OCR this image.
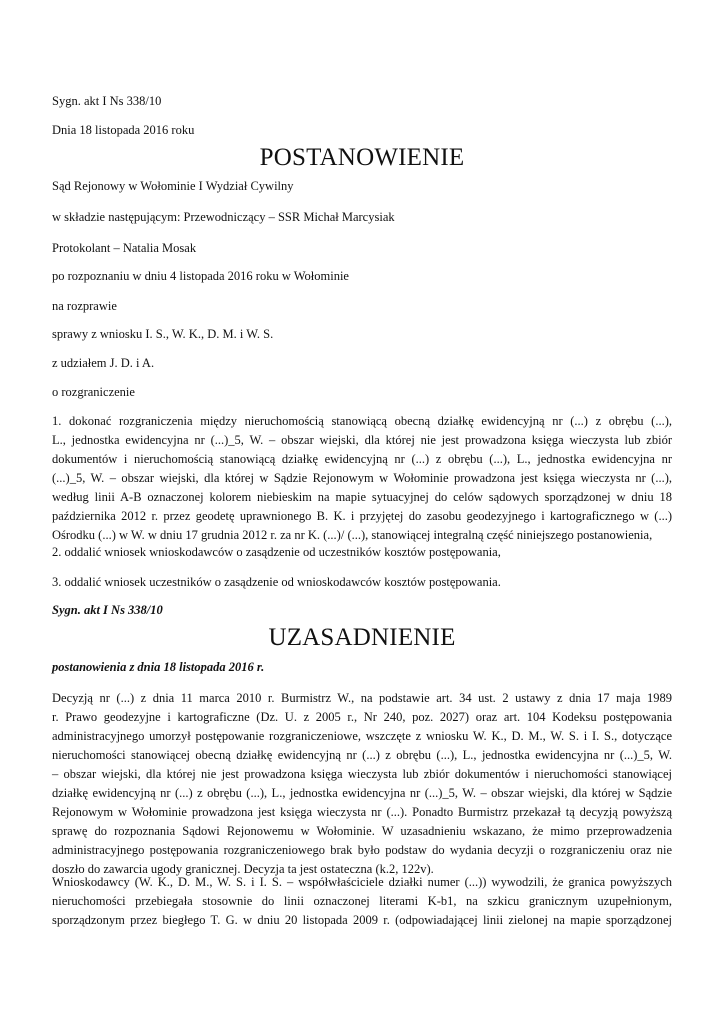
Sygn. akt I Ns 338/10
Dnia 18 listopada 2016 roku
POSTANOWIENIE
Sąd Rejonowy w Wołominie I Wydział Cywilny
w składzie następującym: Przewodniczący – SSR Michał Marcysiak
Protokolant – Natalia Mosak
po rozpoznaniu w dniu 4 listopada 2016 roku w Wołominie
na rozprawie
sprawy z wniosku I. S., W. K., D. M. i W. S.
z udziałem J. D. i A.
o rozgraniczenie
1. dokonać rozgraniczenia między nieruchomością stanowiącą obecną działkę ewidencyjną nr (...) z obrębu (...),
L., jednostka ewidencyjna nr (...)_5, W. – obszar wiejski, dla której nie jest prowadzona księga wieczysta lub zbiór
dokumentów i nieruchomością stanowiącą działkę ewidencyjną nr (...) z obrębu (...), L., jednostka ewidencyjna nr
(...)_5, W. – obszar wiejski, dla której w Sądzie Rejonowym w Wołominie prowadzona jest księga wieczysta nr (...),
według linii A-B oznaczonej kolorem niebieskim na mapie sytuacyjnej do celów sądowych sporządzonej w dniu 18
października 2012 r. przez geodetę uprawnionego B. K. i przyjętej do zasobu geodezyjnego i kartograficznego w (...)
Ośrodku (...) w W. w dniu 17 grudnia 2012 r. za nr K. (...)/ (...), stanowiącej integralną część niniejszego postanowienia,
2. oddalić wniosek wnioskodawców o zasądzenie od uczestników kosztów postępowania,
3. oddalić wniosek uczestników o zasądzenie od wnioskodawców kosztów postępowania.
Sygn. akt I Ns 338/10
UZASADNIENIE
postanowienia z dnia 18 listopada 2016 r.
Decyzją nr (...) z dnia 11 marca 2010 r. Burmistrz W., na podstawie art. 34 ust. 2 ustawy z dnia 17 maja 1989
r. Prawo geodezyjne i kartograficzne (Dz. U. z 2005 r., Nr 240, poz. 2027) oraz art. 104 Kodeksu postępowania
administracyjnego umorzył postępowanie rozgraniczeniowe, wszczęte z wniosku W. K., D. M., W. S. i I. S., dotyczące
nieruchomości stanowiącej obecną działkę ewidencyjną nr (...) z obrębu (...), L., jednostka ewidencyjna nr (...)_5, W.
– obszar wiejski, dla której nie jest prowadzona księga wieczysta lub zbiór dokumentów i nieruchomości stanowiącej
działkę ewidencyjną nr (...) z obrębu (...), L., jednostka ewidencyjna nr (...)_5, W. – obszar wiejski, dla której w Sądzie
Rejonowym w Wołominie prowadzona jest księga wieczysta nr (...). Ponadto Burmistrz przekazał tą decyzją powyższą
sprawę do rozpoznania Sądowi Rejonowemu w Wołominie. W uzasadnieniu wskazano, że mimo przeprowadzenia
administracyjnego postępowania rozgraniczeniowego brak było podstaw do wydania decyzji o rozgraniczeniu oraz nie
doszło do zawarcia ugody granicznej. Decyzja ta jest ostateczna (k.2, 122v).
Wnioskodawcy (W. K., D. M., W. S. i I. S. – współwłaściciele działki numer (...)) wywodzili, że granica powyższych
nieruchomości przebiegała stosownie do linii oznaczonej literami K-b1, na szkicu granicznym uzupełnionym,
sporządzonym przez biegłego T. G. w dniu 20 listopada 2009 r. (odpowiadającej linii zielonej na mapie sporządzonej
